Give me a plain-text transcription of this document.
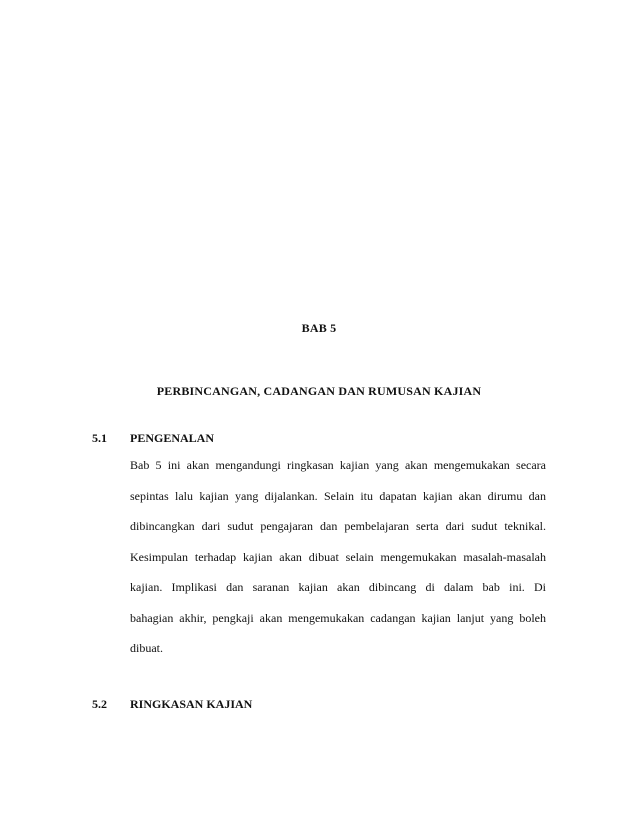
BAB 5
PERBINCANGAN, CADANGAN DAN RUMUSAN KAJIAN
5.1 PENGENALAN
Bab 5 ini akan mengandungi ringkasan kajian yang akan mengemukakan secara
sepintas lalu kajian yang dijalankan. Selain itu dapatan kajian akan dirumu dan
dibincangkan dari sudut pengajaran dan pembelajaran serta dari sudut teknikal.
Kesimpulan terhadap kajian akan dibuat selain mengemukakan masalah-masalah
kajian. Implikasi dan saranan kajian akan dibincang di dalam bab ini. Di
bahagian akhir, pengkaji akan mengemukakan cadangan kajian lanjut yang boleh
dibuat.
5.2 RINGKASAN KAJIAN
